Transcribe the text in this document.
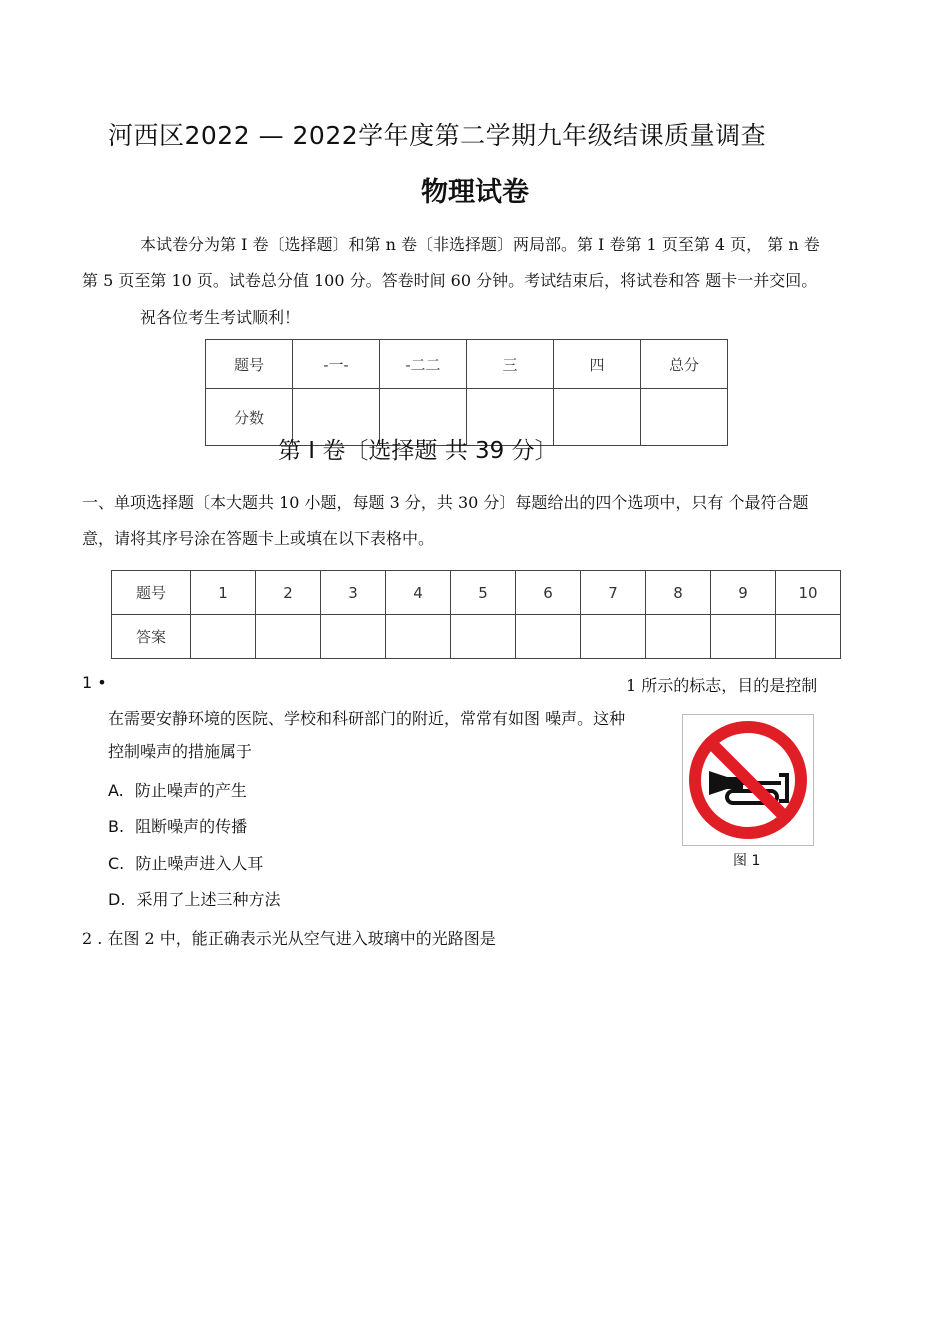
河西区2022 — 2022学年度第二学期九年级结课质量调查
物理试卷
本试卷分为第 I 卷〔选择题〕和第 n 卷〔非选择题〕两局部。第 I 卷第 1 页至第 4 页， 第 n 卷
第 5 页至第 10 页。试卷总分值 100 分。答卷时间 60 分钟。考试结束后，将试卷和答 题卡一并交回。
祝各位考生考试顺利！
题号	-一-	-二二	三	四	总分
分数					
第 I 卷〔选择题 共 39 分〕
一、单项选择题〔本大题共 10 小题，每题 3 分，共 30 分〕每题给出的四个选项中，只有 个最符合题
意，请将其序号涂在答题卡上或填在以下表格中。
题号	1	2	3	4	5	6	7	8	9	10
答案										
1 •	1 所示的标志，目的是控制
在需要安静环境的医院、学校和科研部门的附近，常常有如图 噪声。这种
控制噪声的措施属于
A. 防止噪声的产生
B. 阻断噪声的传播
C. 防止噪声进入人耳
D. 采用了上述三种方法
图 1
2 . 在图 2 中，能正确表示光从空气进入玻璃中的光路图是
